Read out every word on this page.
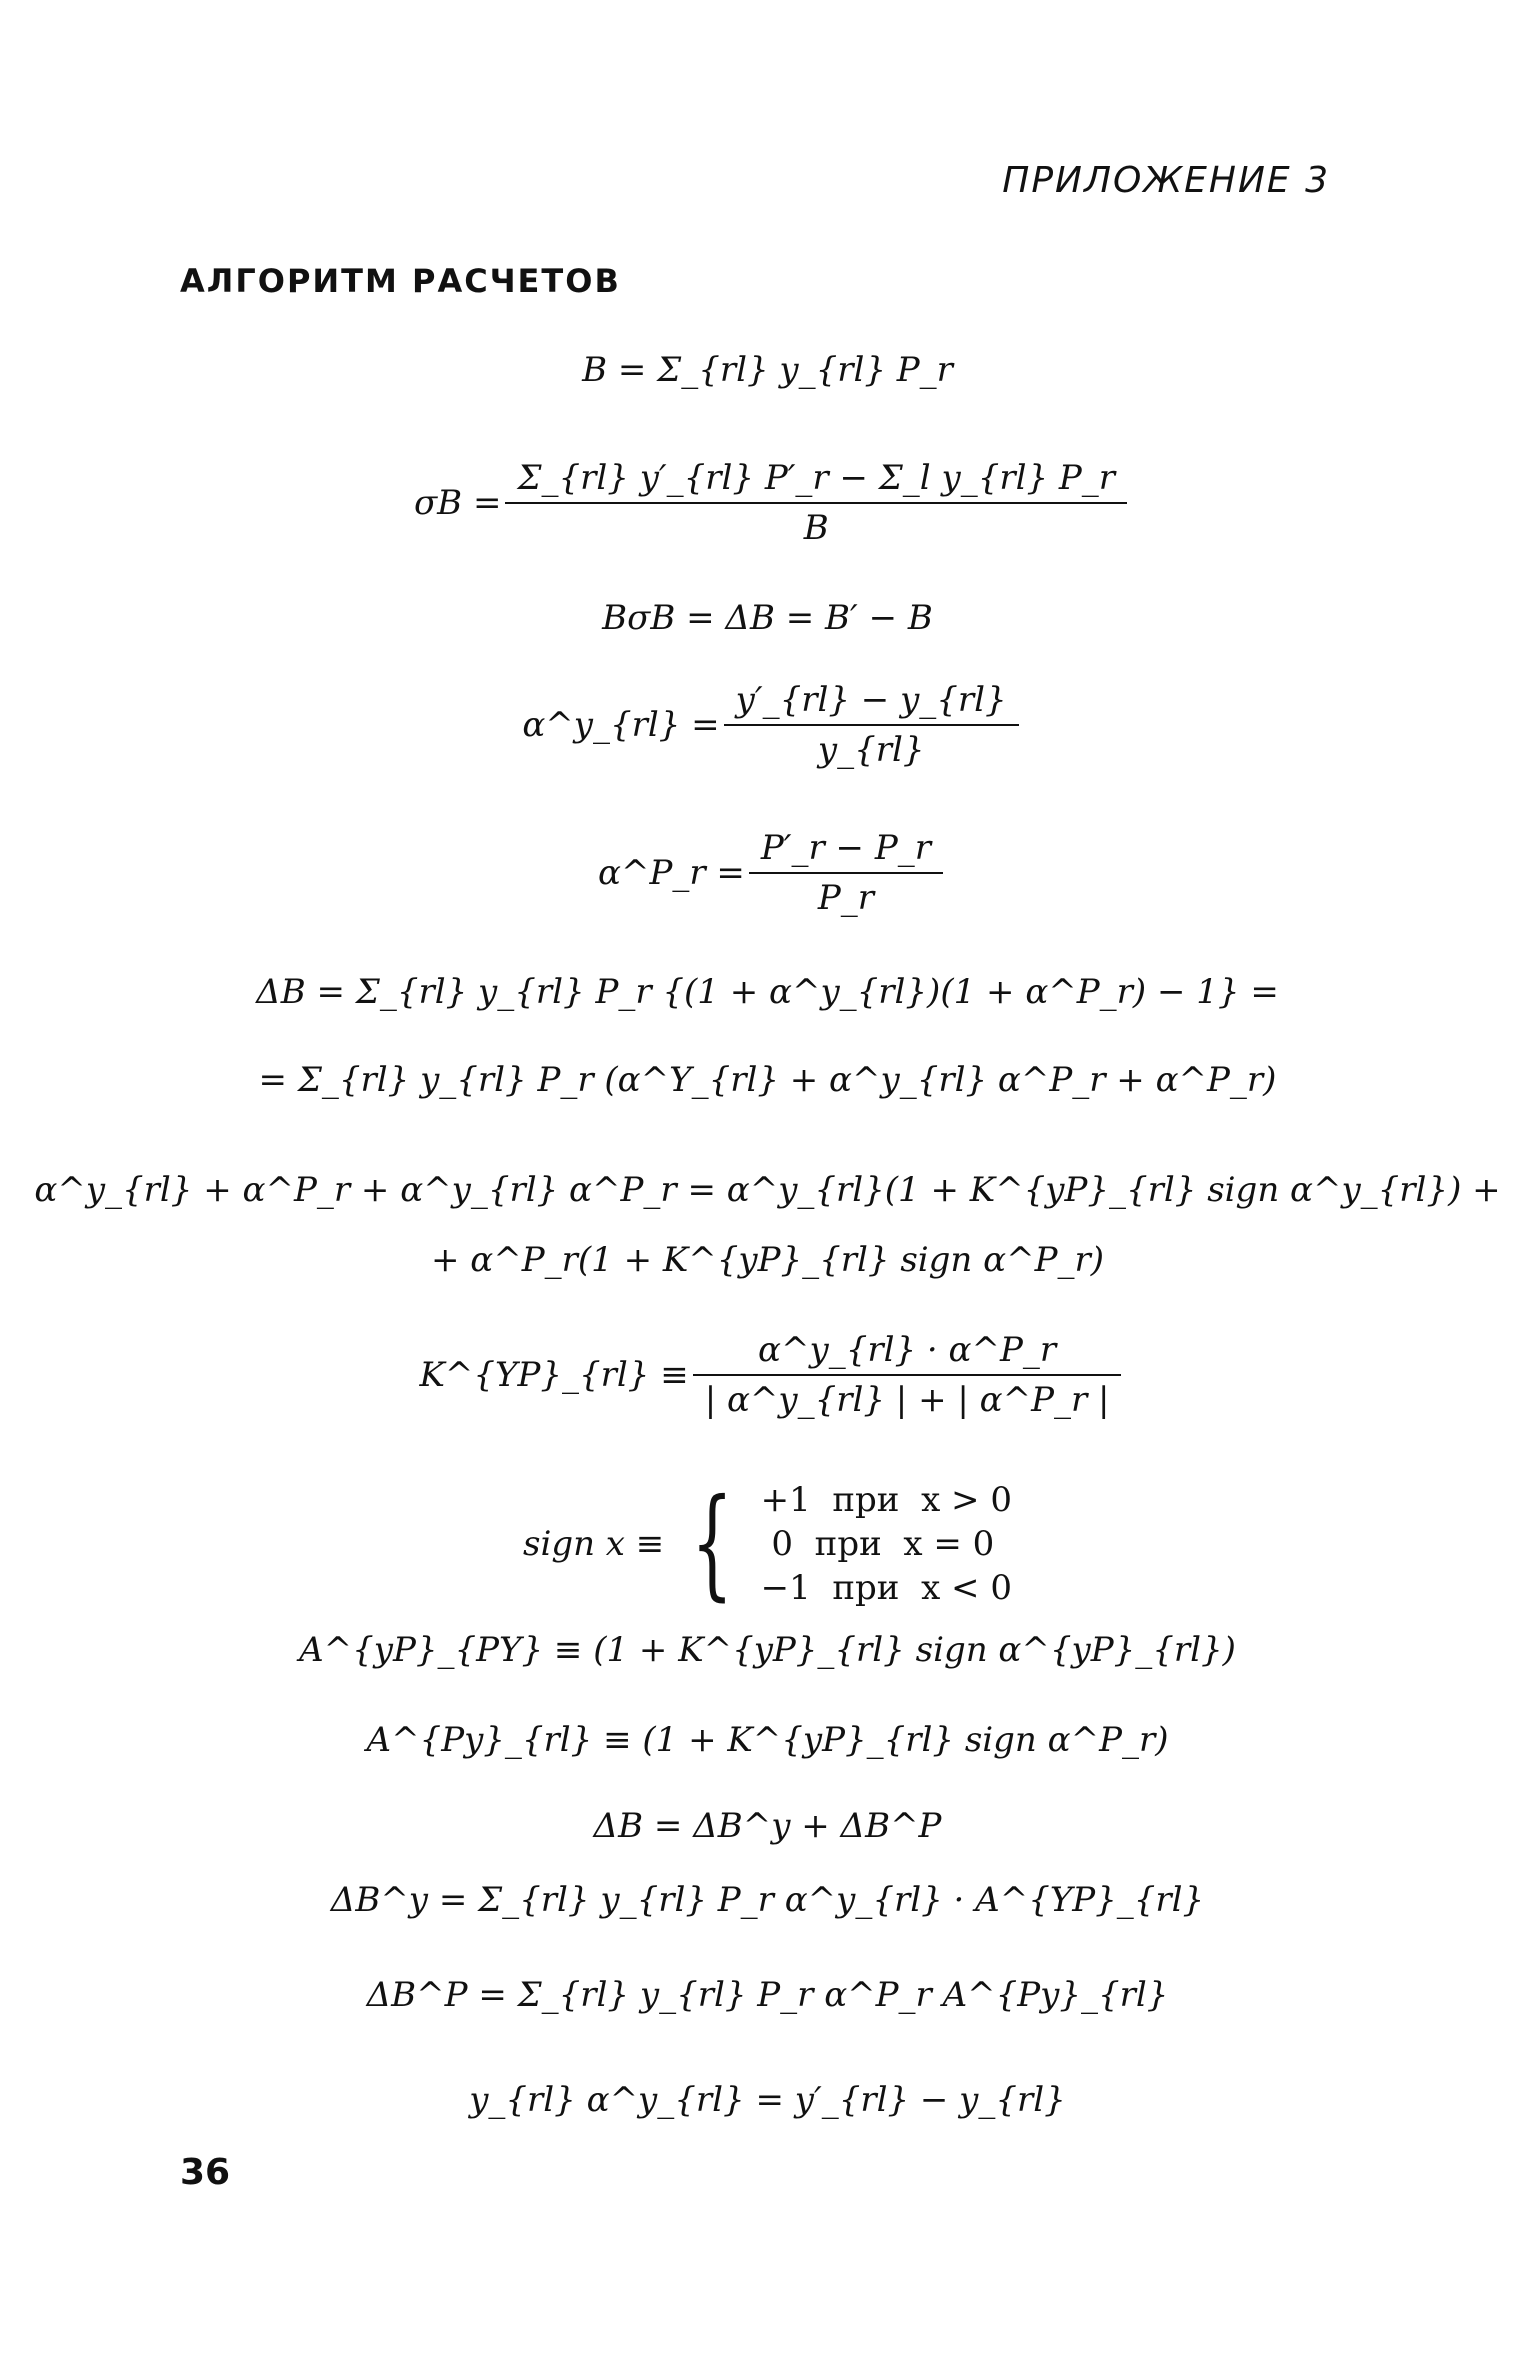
ПРИЛОЖЕНИЕ 3
АЛГОРИТМ РАСЧЕТОВ
B = Σ_{rl} y_{rl} P_r
$\sigma B = \frac{\text{Σ\_\{rl\} y′\_\{rl\} P′\_r − Σ\_l y\_\{rl\} P\_r}}{B}$
BσB = ΔB = B′ − B
α^y_{rl} = $\frac{y'\_\{rl\} - y\_\{rl\}}{y\_\{rl\}}$
α^P_r = $\frac{P'\_r - P\_r}{P\_r}$
ΔB = Σ_{rl} y_{rl} P_r {(1 + α^y_{rl})(1 + α^P_r) − 1} =
= Σ_{rl} y_{rl} P_r (α^Y_{rl} + α^y_{rl} α^P_r + α^P_r)
α^y_{rl} + α^P_r + α^y_{rl} α^P_r = α^y_{rl}(1 + K^{yP}_{rl} sign α^y_{rl}) +
+ α^P_r(1 + K^{yP}_{rl} sign α^P_r)
K^{YP}_{rl} ≡ $\frac{\alpha\^{}y\_\{rl\} \cdot \alpha\^{}P\_r}{| \alpha\^{}y\_\{rl\} | + | \alpha\^{}P\_r |}$
sign x ≡ { +1  при  x > 0
0  при  x = 0
−1  при  x < 0
A^{yP}_{PY} ≡ (1 + K^{yP}_{rl} sign α^{yP}_{rl})
A^{Py}_{rl} ≡ (1 + K^{yP}_{rl} sign α^P_r)
ΔB = ΔB^y + ΔB^P
ΔB^y = Σ_{rl} y_{rl} P_r α^y_{rl} · A^{YP}_{rl}
ΔB^P = Σ_{rl} y_{rl} P_r α^P_r A^{Py}_{rl}
y_{rl} α^y_{rl} = y′_{rl} − y_{rl}
36
